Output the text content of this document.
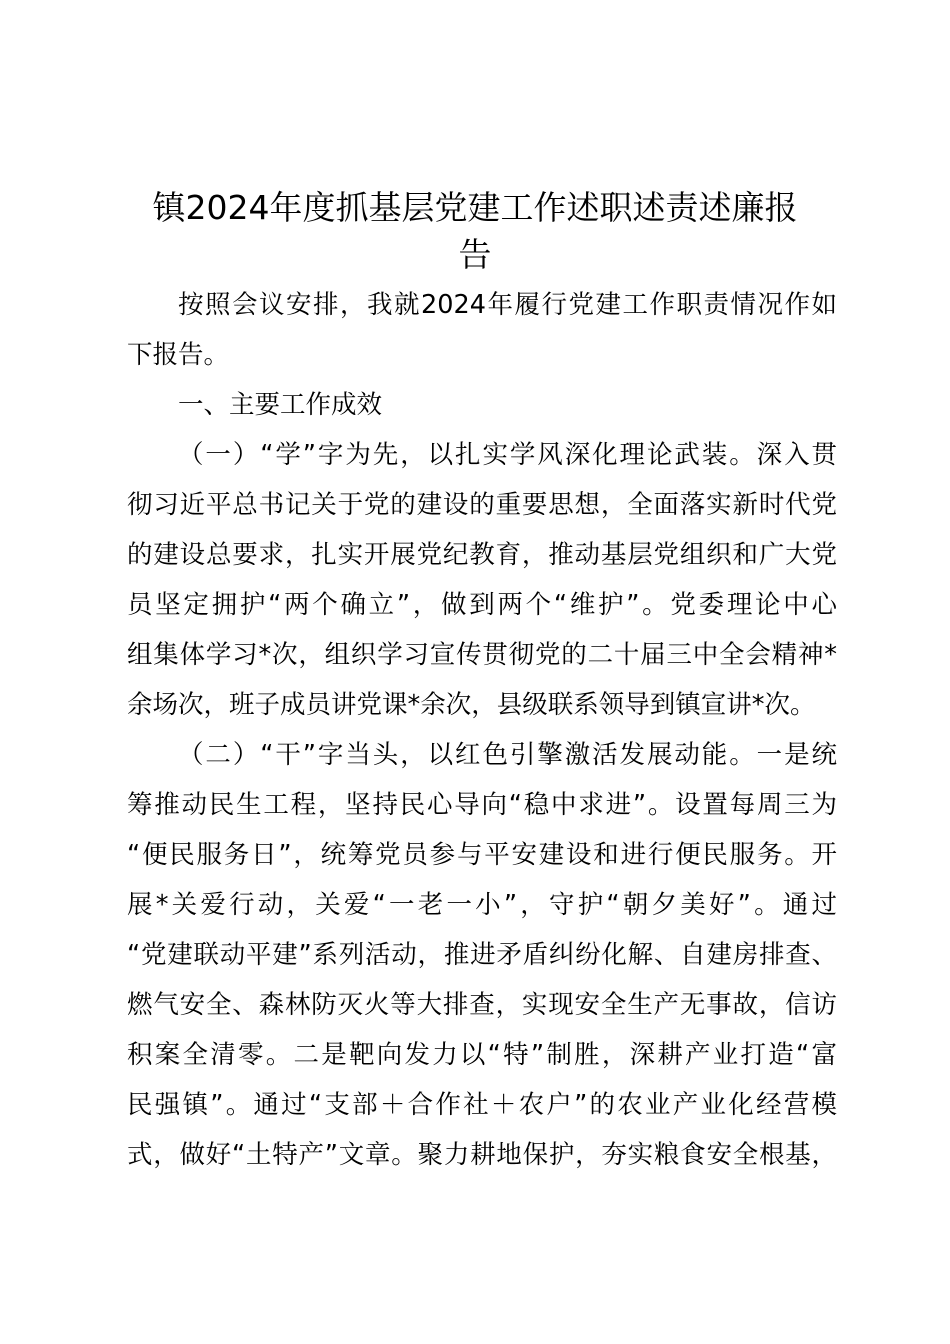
镇2024年度抓基层党建工作述职述责述廉报
告
按照会议安排，我就2024年履行党建工作职责情况作如
下报告。
一、主要工作成效
（一）“学”字为先，以扎实学风深化理论武装。深入贯
彻习近平总书记关于党的建设的重要思想，全面落实新时代党
的建设总要求，扎实开展党纪教育，推动基层党组织和广大党
员坚定拥护“两个确立”，做到两个“维护”。党委理论中心
组集体学习*次，组织学习宣传贯彻党的二十届三中全会精神*
余场次，班子成员讲党课*余次，县级联系领导到镇宣讲*次。
（二）“干”字当头，以红色引擎激活发展动能。一是统
筹推动民生工程，坚持民心导向“稳中求进”。设置每周三为
“便民服务日”，统筹党员参与平安建设和进行便民服务。开
展*关爱行动，关爱“一老一小”，守护“朝夕美好”。通过
“党建联动平建”系列活动，推进矛盾纠纷化解、自建房排查、
燃气安全、森林防灭火等大排查，实现安全生产无事故，信访
积案全清零。二是靶向发力以“特”制胜，深耕产业打造“富
民强镇”。通过“支部＋合作社＋农户”的农业产业化经营模
式，做好“土特产”文章。聚力耕地保护，夯实粮食安全根基，
